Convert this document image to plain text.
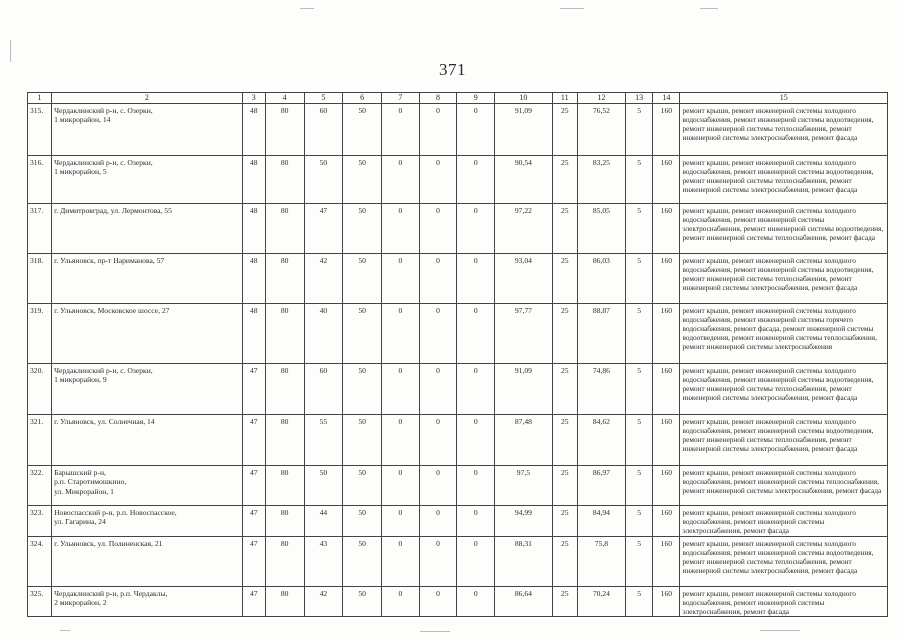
371
1	2	3	4	5	6	7	8	9	10	11	12	13	14	15
315.	Чердаклинский р-н, с. Озерки,
1 микрорайон, 14	48	80	60	50	0	0	0	91,09	25	76,52	5	160	ремонт крыши, ремонт инженерной системы холодного водоснабжения, ремонт инженерной системы водоотведения, ремонт инженерной системы теплоснабжения, ремонт инженерной системы электроснабжения, ремонт фасада
316.	Чердаклинский р-н, с. Озерки,
1 микрорайон, 5	48	80	50	50	0	0	0	90,54	25	83,25	5	160	ремонт крыши, ремонт инженерной системы холодного водоснабжения, ремонт инженерной системы водоотведения, ремонт инженерной системы теплоснабжения, ремонт инженерной системы электроснабжения, ремонт фасада
317.	г. Димитровград, ул. Лермонтова, 55	48	80	47	50	0	0	0	97,22	25	85,05	5	160	ремонт крыши, ремонт инженерной системы холодного водоснабжения, ремонт инженерной системы электроснабжения, ремонт инженерной системы водоотведения, ремонт инженерной системы теплоснабжения, ремонт фасада
318.	г. Ульяновск, пр-т Нариманова, 57	48	80	42	50	0	0	0	93,04	25	86,03	5	160	ремонт крыши, ремонт инженерной системы холодного водоснабжения, ремонт инженерной системы водоотведения, ремонт инженерной системы теплоснабжения, ремонт инженерной системы электроснабжения, ремонт фасада
319.	г. Ульяновск, Московское шоссе, 27	48	80	40	50	0	0	0	97,77	25	88,87	5	160	ремонт крыши, ремонт инженерной системы холодного водоснабжения, ремонт инженерной системы горячего водоснабжения, ремонт фасада, ремонт инженерной системы водоотведения, ремонт инженерной системы теплоснабжения, ремонт инженерной системы электроснабжения
320.	Чердаклинский р-н, с. Озерки,
1 микрорайон, 9	47	80	60	50	0	0	0	91,09	25	74,86	5	160	ремонт крыши, ремонт инженерной системы холодного водоснабжения, ремонт инженерной системы водоотведения, ремонт инженерной системы теплоснабжения, ремонт инженерной системы электроснабжения, ремонт фасада
321.	г. Ульяновск, ул. Солнечная, 14	47	80	55	50	0	0	0	87,48	25	84,62	5	160	ремонт крыши, ремонт инженерной системы холодного водоснабжения, ремонт инженерной системы водоотведения, ремонт инженерной системы теплоснабжения, ремонт инженерной системы электроснабжения, ремонт фасада
322.	Барышский р-н,
р.п. Старотимошкино,
ул. Микрорайон, 1	47	80	50	50	0	0	0	97,5	25	86,97	5	160	ремонт крыши, ремонт инженерной системы холодного водоснабжения, ремонт инженерной системы теплоснабжения, ремонт инженерной системы электроснабжения, ремонт фасада
323.	Новоспасский р-н, р.п. Новоспасское,
ул. Гагарина, 24	47	80	44	50	0	0	0	94,99	25	84,94	5	160	ремонт крыши, ремонт инженерной системы холодного водоснабжения, ремонт инженерной системы электроснабжения, ремонт фасада
324.	г. Ульяновск, ул. Полиненская, 21	47	80	43	50	0	0	0	88,31	25	75,8	5	160	ремонт крыши, ремонт инженерной системы холодного водоснабжения, ремонт инженерной системы водоотведения, ремонт инженерной системы теплоснабжения, ремонт инженерной системы электроснабжения, ремонт фасада
325.	Чердаклинский р-н, р.п. Чердаклы,
2 микрорайон, 2	47	80	42	50	0	0	0	86,64	25	70,24	5	160	ремонт крыши, ремонт инженерной системы холодного водоснабжения, ремонт инженерной системы электроснабжения, ремонт фасада
